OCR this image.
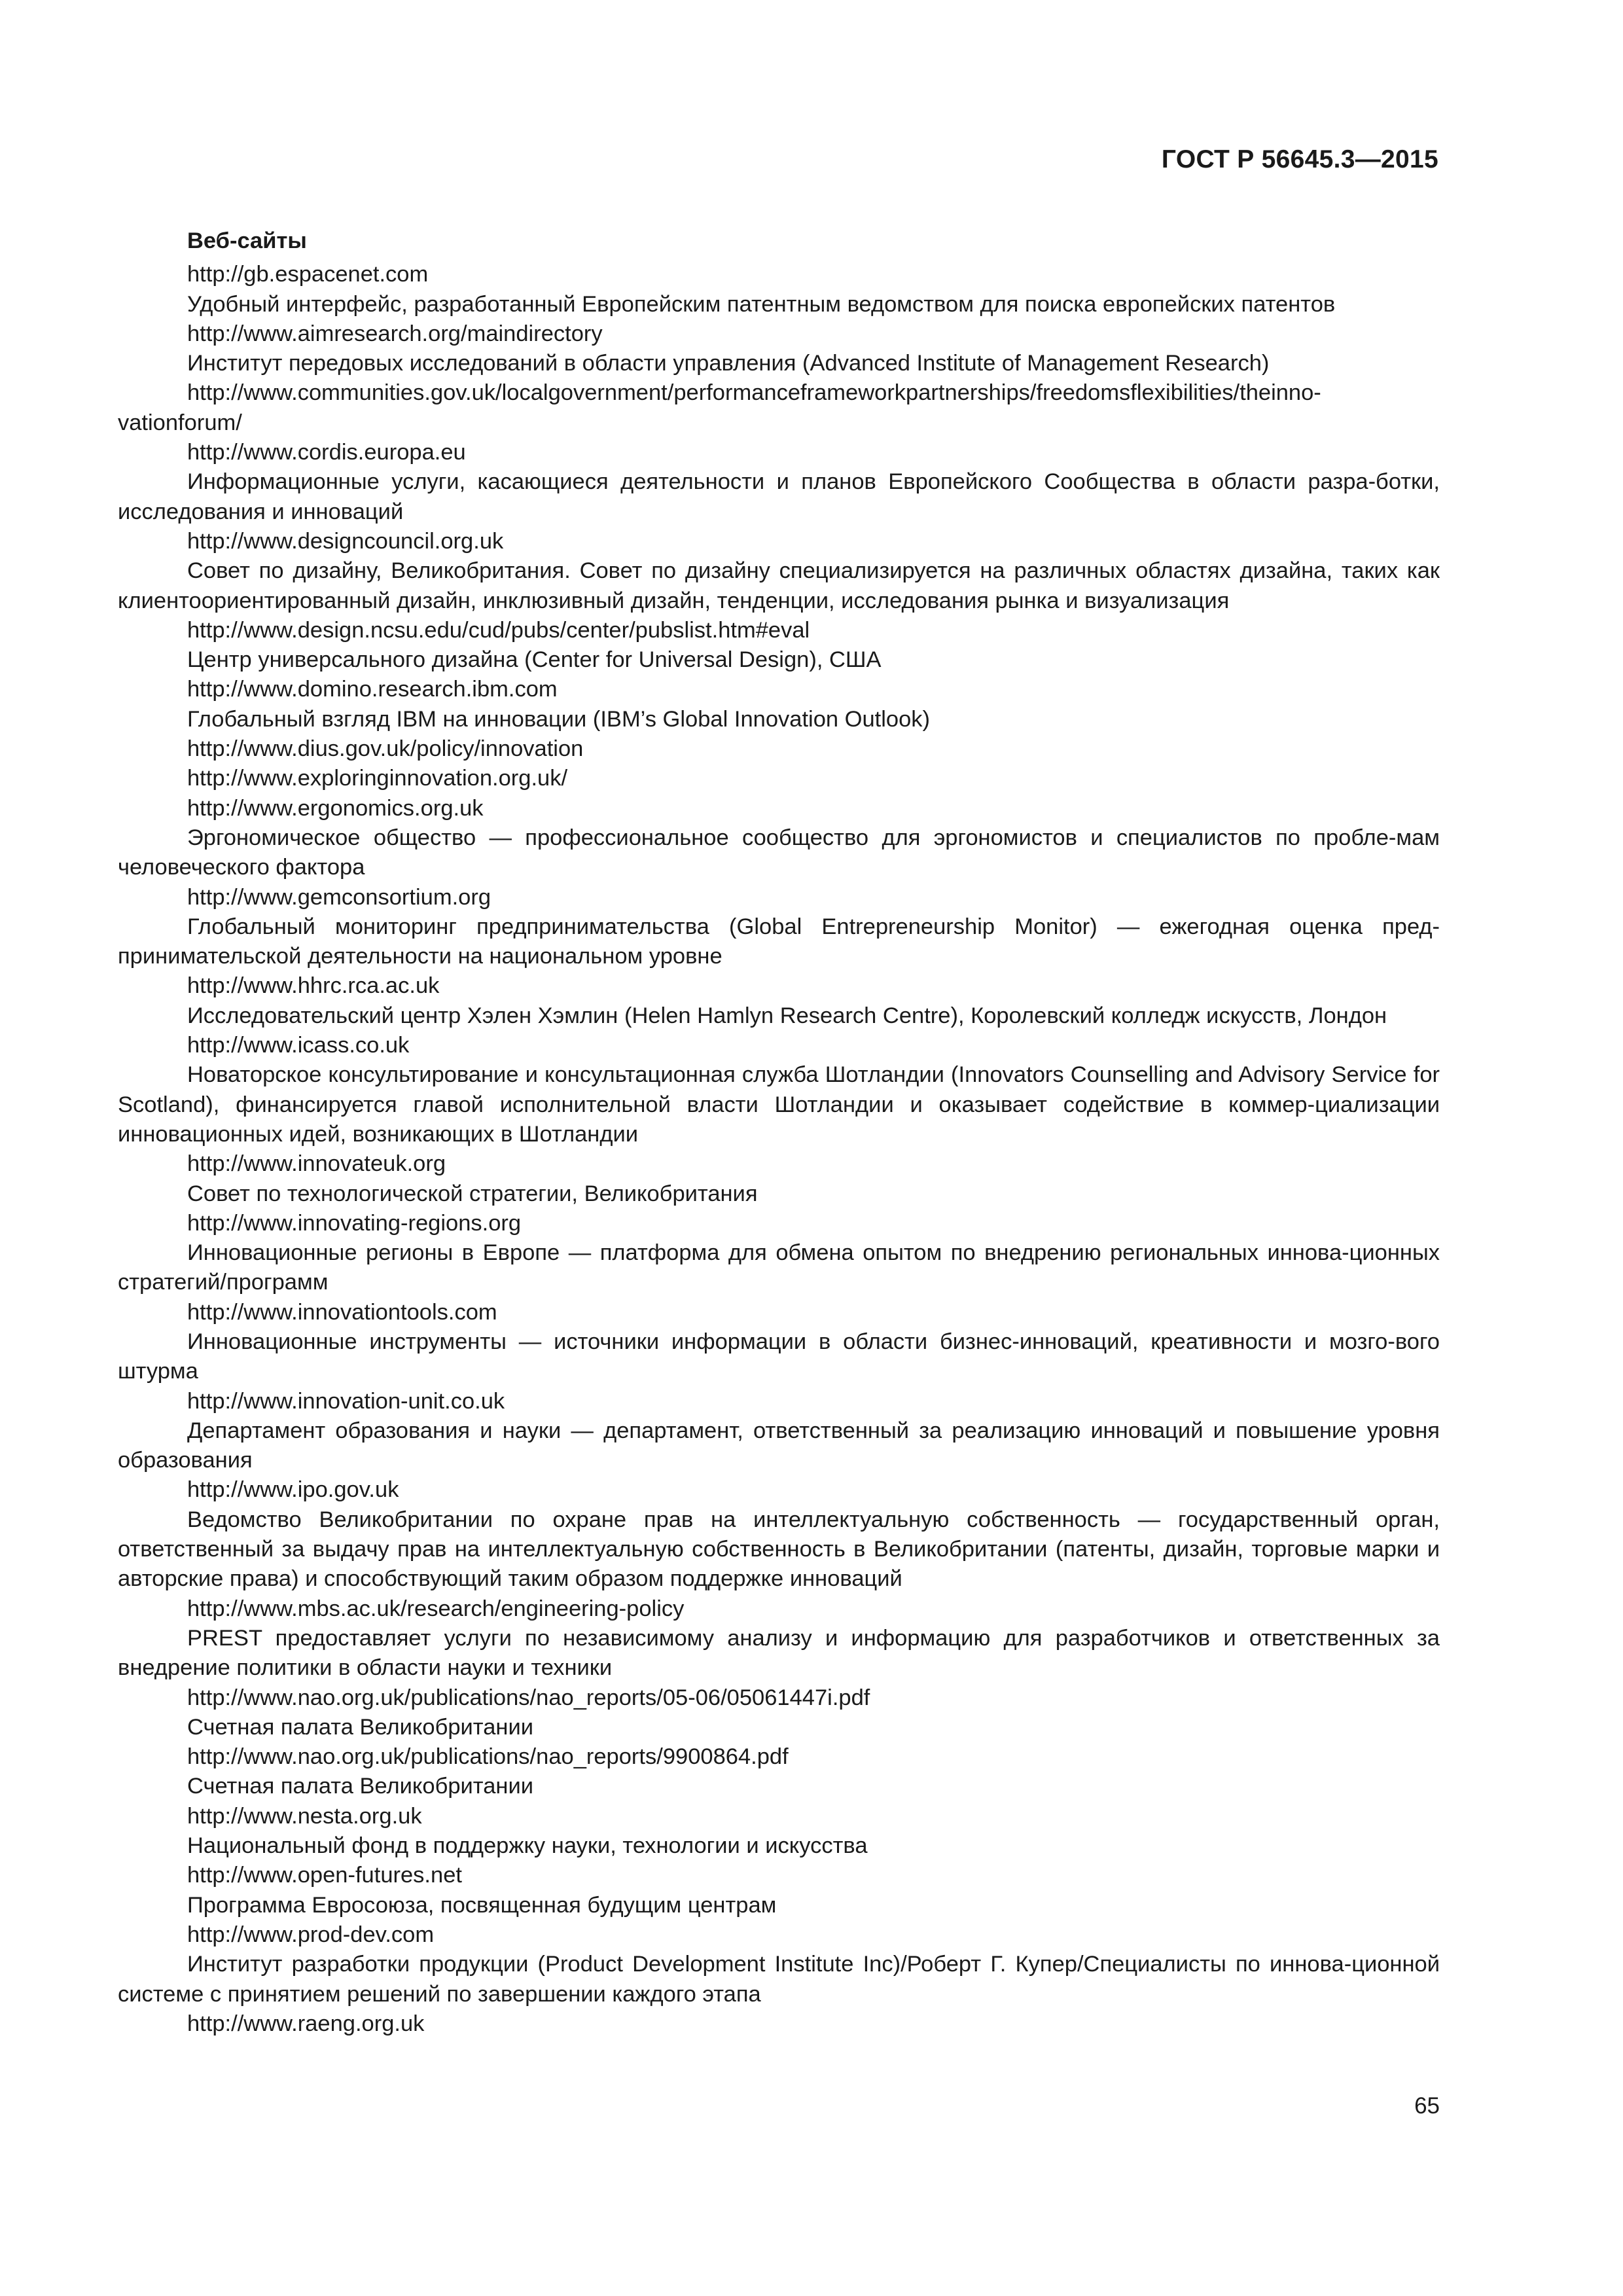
ГОСТ Р 56645.3—2015
Веб-сайты

http://gb.espacenet.com

Удобный интерфейс, разработанный Европейским патентным ведомством для поиска европейских патентов

http://www.aimresearch.org/maindirectory

Институт передовых исследований в области управления (Advanced Institute of Management Research)

http://www.communities.gov.uk/localgovernment/performanceframeworkpartnerships/freedomsflexibilities/theinno-vationforum/

http://www.cordis.europa.eu

Информационные услуги, касающиеся деятельности и планов Европейского Сообщества в области разра-ботки, исследования и инноваций

http://www.designcouncil.org.uk

Совет по дизайну, Великобритания. Совет по дизайну специализируется на различных областях дизайна, таких как клиентоориентированный дизайн, инклюзивный дизайн, тенденции, исследования рынка и визуализация

http://www.design.ncsu.edu/cud/pubs/center/pubslist.htm#eval

Центр универсального дизайна (Center for Universal Design), США

http://www.domino.research.ibm.com

Глобальный взгляд IBM на инновации (IBM’s Global Innovation Outlook)

http://www.dius.gov.uk/policy/innovation

http://www.exploringinnovation.org.uk/

http://www.ergonomics.org.uk

Эргономическое общество — профессиональное сообщество для эргономистов и специалистов по пробле-мам человеческого фактора

http://www.gemconsortium.org

Глобальный мониторинг предпринимательства (Global Entrepreneurship Monitor) — ежегодная оценка пред-принимательской деятельности на национальном уровне

http://www.hhrc.rca.ac.uk

Исследовательский центр Хэлен Хэмлин (Helen Hamlyn Research Centre), Королевский колледж искусств, Лондон

http://www.icass.co.uk

Новаторское консультирование и консультационная служба Шотландии (Innovators Counselling and Advisory Service for Scotland), финансируется главой исполнительной власти Шотландии и оказывает содействие в коммер-циализации инновационных идей, возникающих в Шотландии

http://www.innovateuk.org

Совет по технологической стратегии, Великобритания

http://www.innovating-regions.org

Инновационные регионы в Европе — платформа для обмена опытом по внедрению региональных иннова-ционных стратегий/программ

http://www.innovationtools.com

Инновационные инструменты — источники информации в области бизнес-инноваций, креативности и мозго-вого штурма

http://www.innovation-unit.co.uk

Департамент образования и науки — департамент, ответственный за реализацию инноваций и повышение уровня образования

http://www.ipo.gov.uk

Ведомство Великобритании по охране прав на интеллектуальную собственность — государственный орган, ответственный за выдачу прав на интеллектуальную собственность в Великобритании (патенты, дизайн, торговые марки и авторские права) и способствующий таким образом поддержке инноваций

http://www.mbs.ac.uk/research/engineering-policy

PREST предоставляет услуги по независимому анализу и информацию для разработчиков и ответственных за внедрение политики в области науки и техники

http://www.nao.org.uk/publications/nao_reports/05-06/05061447i.pdf

Счетная палата Великобритании

http://www.nao.org.uk/publications/nao_reports/9900864.pdf

Счетная палата Великобритании

http://www.nesta.org.uk

Национальный фонд в поддержку науки, технологии и искусства

http://www.open-futures.net

Программа Евросоюза, посвященная будущим центрам

http://www.prod-dev.com

Институт разработки продукции (Product Development Institute Inc)/Роберт Г. Купер/Специалисты по иннова-ционной системе с принятием решений по завершении каждого этапа

http://www.raeng.org.uk

65
